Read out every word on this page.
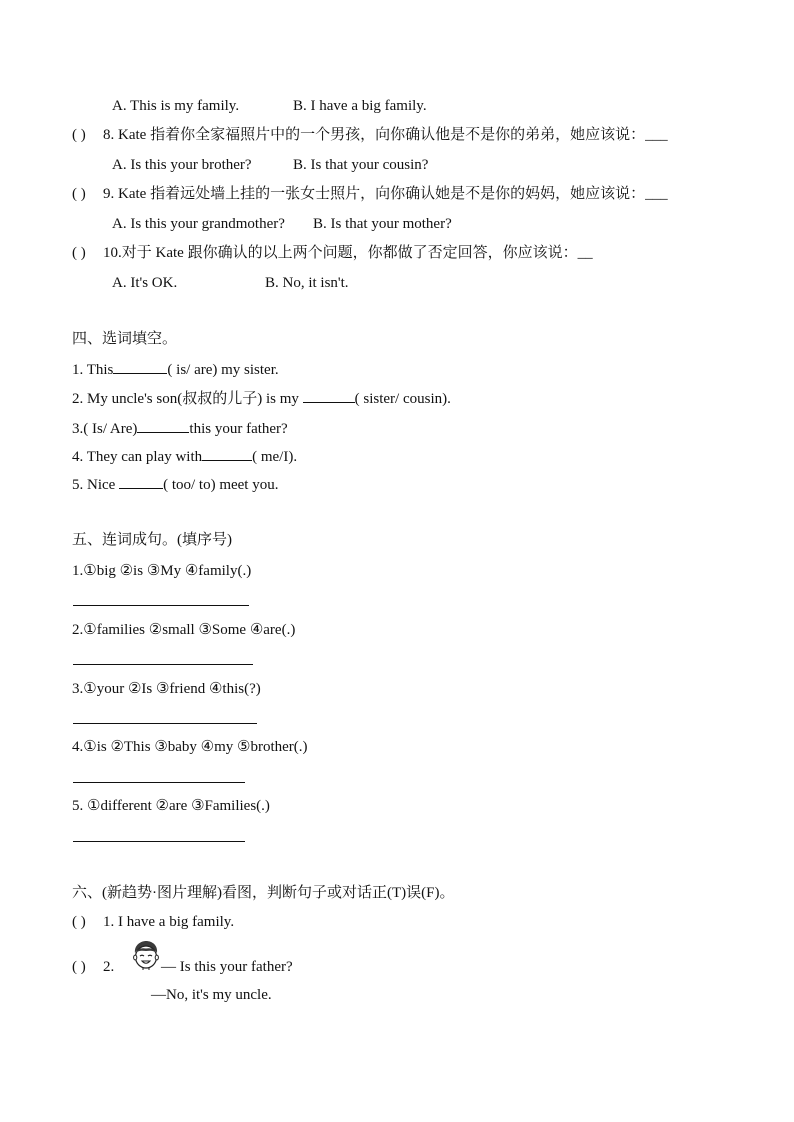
A. This is my family.	B. I have a big family.
( ) 8. Kate 指着你全家福照片中的一个男孩，向你确认他是不是你的弟弟，她应该说：___
A. Is this your brother?	B. Is that your cousin?
( ) 9. Kate 指着远处墙上挂的一张女士照片，向你确认她是不是你的妈妈，她应该说：___
A. Is this your grandmother? B. Is that your mother?
( ) 10.对于 Kate 跟你确认的以上两个问题，你都做了否定回答，你应该说：__
A. It's OK.	B. No, it isn't.
四、选词填空。
1. This	( is/ are) my sister.
2. My uncle's son(叔叔的儿子) is my	( sister/ cousin).
3.( Is/ Are)	this your father?
4. They can play with	( me/I).
5. Nice	( too/ to) meet you.
五、连词成句。(填序号)
1.①big ②is ③My ④family(.)
2.①families ②small ③Some ④are(.)
3.①your ②Is ③friend ④this(?)
4.①is ②This ③baby ④my ⑤brother(.)
5. ①different ②are ③Families(.)
六、(新趋势·图片理解)看图，判断句子或对话正(T)误(F)。
( ) 1. I have a big family.
( ) 2.	— Is this your father?
—No, it's my uncle.
